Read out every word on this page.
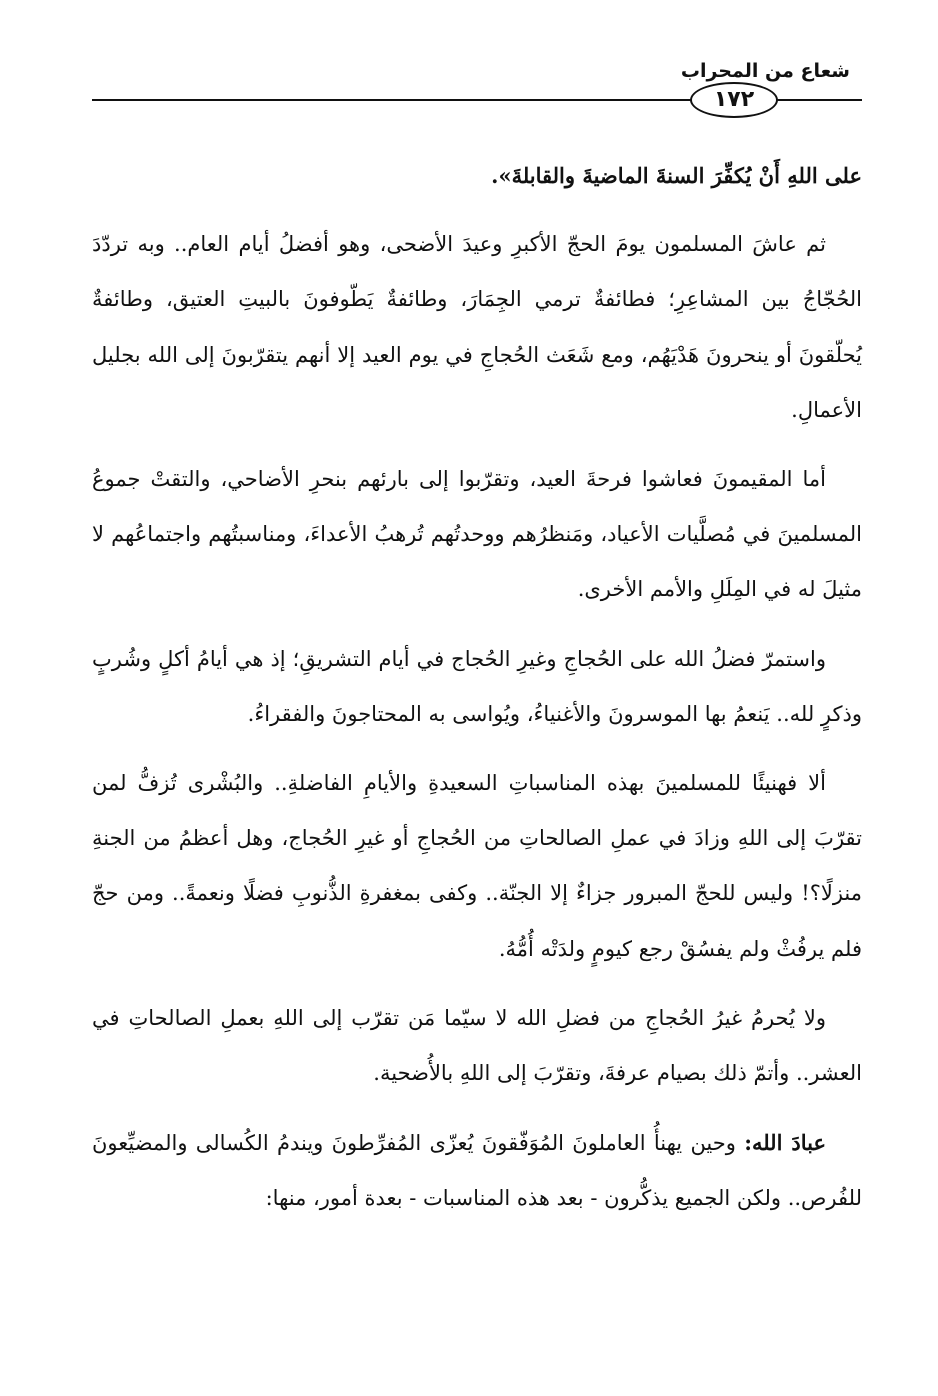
شعاع من المحراب
١٧٢

على اللهِ أَنْ يُكفِّرَ السنةَ الماضيةَ والقابلةَ».

ثم عاشَ المسلمون يومَ الحجّ الأكبرِ وعيدَ الأضحى، وهو أفضلُ أيام العام.. وبه تردّدَ الحُجّاجُ بين المشاعِرِ؛ فطائفةٌ ترمي الجِمَارَ، وطائفةٌ يَطّوفونَ بالبيتِ العتيق، وطائفةٌ يُحلّقونَ أو ينحرونَ هَدْيَهُم، ومع شَعَث الحُجاجِ في يوم العيد إلا أنهم يتقرّبونَ إلى الله بجليل الأعمالِ.

أما المقيمونَ فعاشوا فرحةَ العيد، وتقرّبوا إلى بارئهم بنحرِ الأضاحي، والتقتْ جموعُ المسلمينَ في مُصلَّيات الأعياد، ومَنظرُهم ووحدتُهم تُرهبُ الأعداءَ، ومناسبتُهم واجتماعُهم لا مثيلَ له في المِلَلِ والأمم الأخرى.

واستمرّ فضلُ الله على الحُجاجِ وغيرِ الحُجاج في أيام التشريقِ؛ إذ هي أيامُ أكلٍ وشُربٍ وذكرٍ لله.. يَنعمُ بها الموسرونَ والأغنياءُ، ويُواسى به المحتاجونَ والفقراءُ.

ألا فهنيئًا للمسلمينَ بهذه المناسباتِ السعيدةِ والأيامِ الفاضلةِ.. والبُشْرى تُزفُّ لمن تقرّبَ إلى اللهِ وزادَ في عملِ الصالحاتِ من الحُجاجِ أو غيرِ الحُجاج، وهل أعظمُ من الجنةِ منزلًا؟! وليس للحجّ المبرور جزاءٌ إلا الجنّة.. وكفى بمغفرةِ الذُّنوبِ فضلًا ونعمةً.. ومن حجّ فلم يرفُثْ ولم يفسُقْ رجع كيومٍ ولدَتْه أُمُّهُ.

ولا يُحرمُ غيرُ الحُجاجِ من فضلِ الله لا سيّما مَن تقرّب إلى اللهِ بعملِ الصالحاتِ في العشر.. وأتمّ ذلك بصيام عرفةَ، وتقرّبَ إلى اللهِ بالأُضحية.

عبادَ الله: وحين يهنأُ العاملونَ المُوَفّقونَ يُعزّى المُفرِّطونَ ويندمُ الكُسالى والمضيِّعونَ للفُرص.. ولكن الجميع يذكُّرون - بعد هذه المناسبات - بعدة أمور، منها:
